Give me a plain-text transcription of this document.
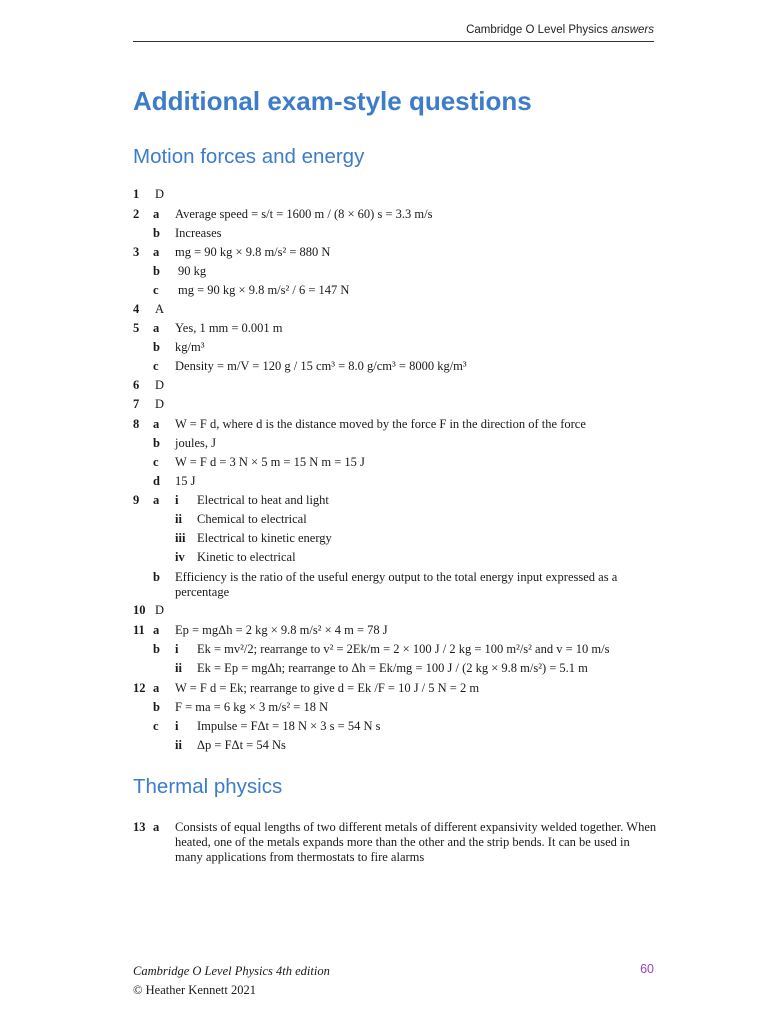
Cambridge O Level Physics answers
Additional exam-style questions
Motion forces and energy
1	D
2	a	Average speed = s/t = 1600 m / (8 × 60) s = 3.3 m/s
b	Increases
3	a	mg = 90 kg × 9.8 m/s² = 880 N
b	90 kg
c	mg = 90 kg × 9.8 m/s² / 6 = 147 N
4	A
5	a	Yes, 1 mm = 0.001 m
b	kg/m³
c	Density = m/V = 120 g / 15 cm³ = 8.0 g/cm³ = 8000 kg/m³
6	D
7	D
8	a	W = F d, where d is the distance moved by the force F in the direction of the force
b	joules, J
c	W = F d = 3 N × 5 m = 15 N m = 15 J
d	15 J
9	a	i	Electrical to heat and light
ii	Chemical to electrical
iii Electrical to kinetic energy
iv Kinetic to electrical
b	Efficiency is the ratio of the useful energy output to the total energy input expressed as a percentage
10 D
11 a	Ep = mgΔh = 2 kg × 9.8 m/s² × 4 m = 78 J
b	i	Ek = mv²/2; rearrange to v² = 2Ek/m = 2 × 100 J / 2 kg = 100 m²/s² and v = 10 m/s
ii	Ek = Ep = mgΔh; rearrange to Δh = Ek/mg = 100 J / (2 kg × 9.8 m/s²) = 5.1 m
12 a	W = F d = Ek; rearrange to give d = Ek /F = 10 J / 5 N = 2 m
b	F = ma = 6 kg × 3 m/s² = 18 N
c	i	Impulse = FΔt = 18 N × 3 s = 54 N s
ii	Δp = FΔt = 54 Ns
Thermal physics
13 a	Consists of equal lengths of two different metals of different expansivity welded together. When heated, one of the metals expands more than the other and the strip bends. It can be used in many applications from thermostats to fire alarms
Cambridge O Level Physics 4th edition
© Heather Kennett 2021
60
